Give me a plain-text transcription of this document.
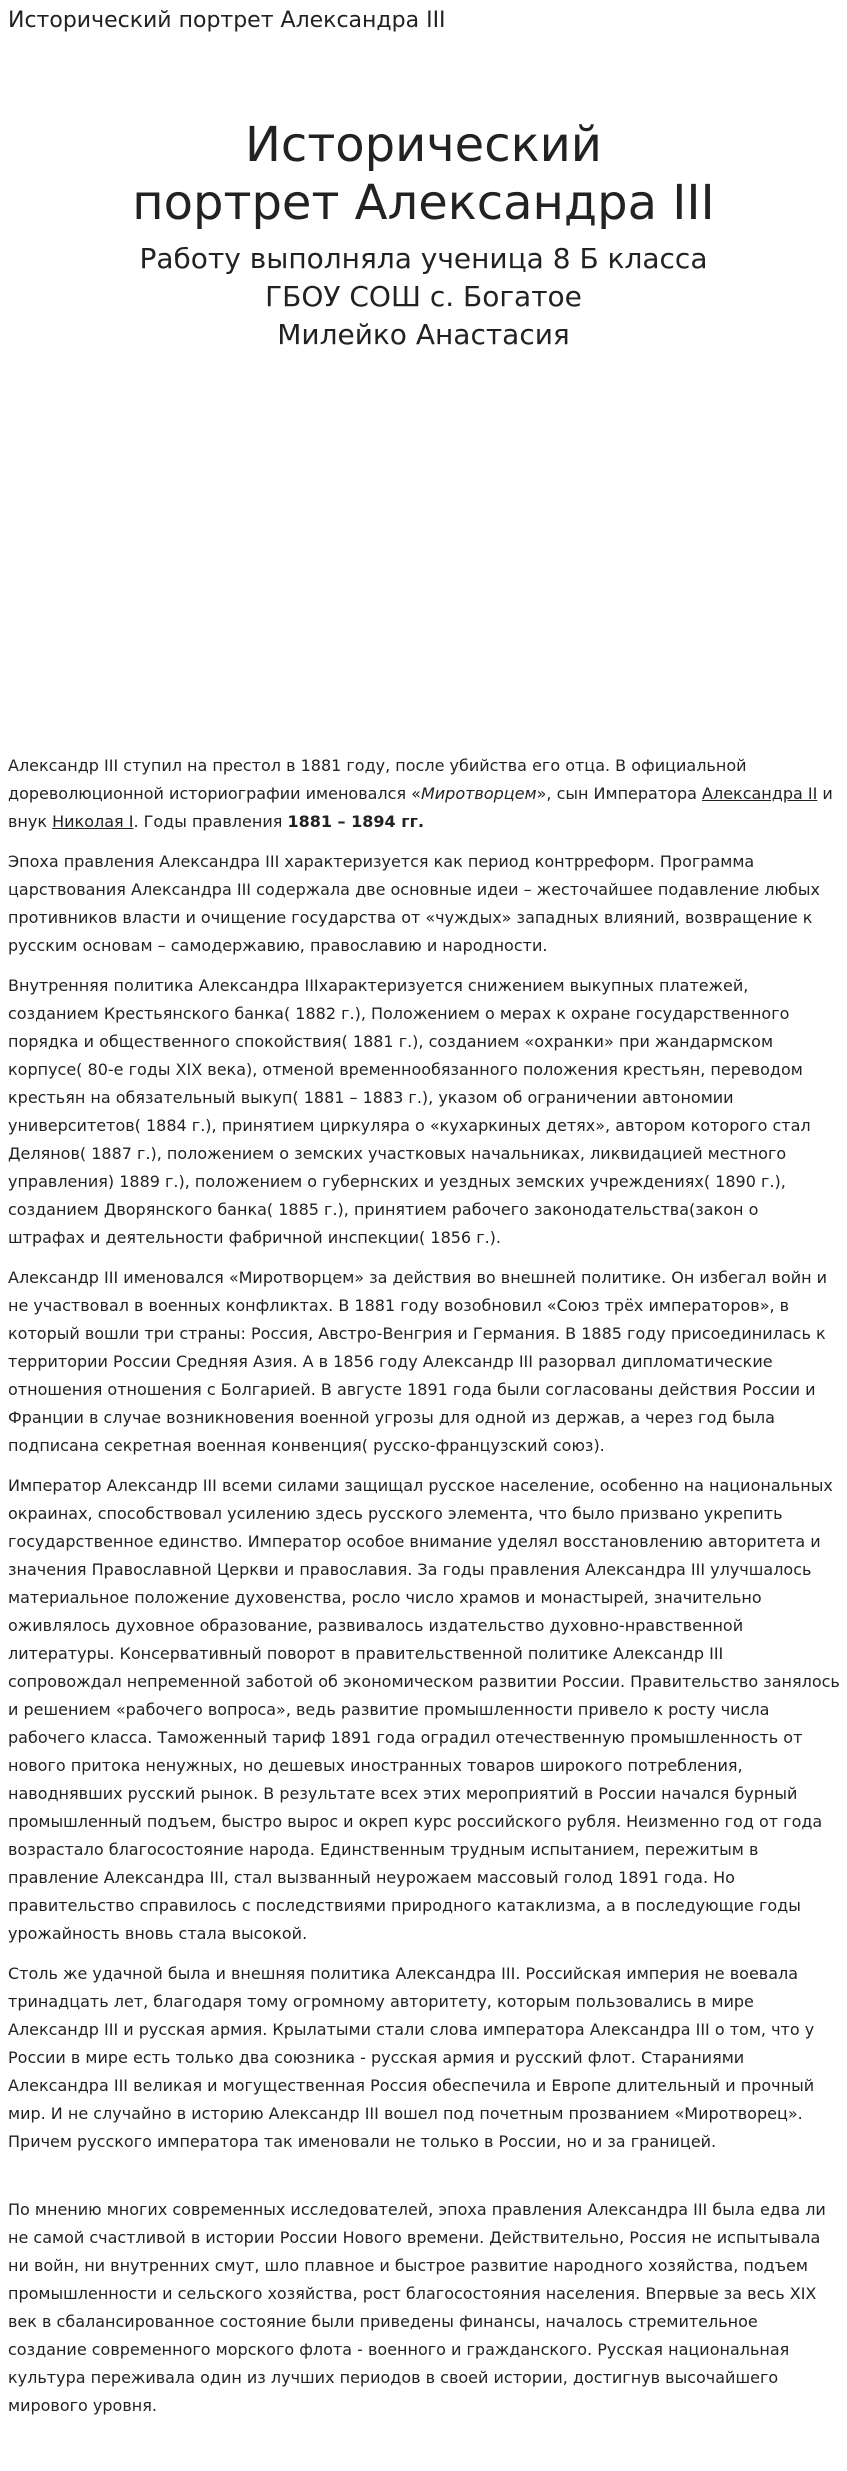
Исторический портрет Александра III
Исторический
портрет Александра III
Работу выполняла ученица 8 Б класса
ГБОУ СОШ с. Богатое
Милейко Анастасия

Александр III ступил на престол в 1881 году, после убийства его отца. В официальной дореволюционной историографии именовался «Миротворцем», сын Императора Александра II и внук Николая I. Годы правления 1881 – 1894 гг.

Эпоха правления Александра III характеризуется как период контрреформ. Программа царствования Александра III содержала две основные идеи – жесточайшее подавление любых противников власти и очищение государства от «чуждых» западных влияний, возвращение к русским основам – самодержавию, православию и народности.

Внутренняя политика Александра IIIхарактеризуется снижением выкупных платежей, созданием Крестьянского банка( 1882 г.), Положением о мерах к охране государственного порядка и общественного спокойствия( 1881 г.), созданием «охранки» при жандармском корпусе( 80-е годы XIX века), отменой временнообязанного положения крестьян, переводом крестьян на обязательный выкуп( 1881 – 1883 г.), указом об ограничении автономии университетов( 1884 г.), принятием циркуляра о «кухаркиных детях», автором которого стал Делянов( 1887 г.), положением о земских участковых начальниках, ликвидацией местного управления) 1889 г.), положением о губернских и уездных земских учреждениях( 1890 г.), созданием Дворянского банка( 1885 г.), принятием рабочего законодательства(закон о штрафах и деятельности фабричной инспекции( 1856 г.).

Александр III именовался «Миротворцем» за действия во внешней политике. Он избегал войн и не участвовал в военных конфликтах. В 1881 году возобновил «Союз трёх императоров», в который вошли три страны: Россия, Австро-Венгрия и Германия. В 1885 году присоединилась к территории России Средняя Азия. А в 1856 году Александр III разорвал дипломатические отношения отношения с Болгарией. В августе 1891 года были согласованы действия России и Франции в случае возникновения военной угрозы для одной из держав, а через год была подписана секретная военная конвенция( русско-французский союз).

Император Александр III всеми силами защищал русское население, особенно на национальных окраинах, способствовал усилению здесь русского элемента, что было призвано укрепить государственное единство. Император особое внимание уделял восстановлению авторитета и значения Православной Церкви и православия. За годы правления Александра III улучшалось материальное положение духовенства, росло число храмов и монастырей, значительно оживлялось духовное образование, развивалось издательство духовно-нравственной литературы. Консервативный поворот в правительственной политике Александр III сопровождал непременной заботой об экономическом развитии России. Правительство занялось и решением «рабочего вопроса», ведь развитие промышленности привело к росту числа рабочего класса. Таможенный тариф 1891 года оградил отечественную промышленность от нового притока ненужных, но дешевых иностранных товаров широкого потребления, наводнявших русский рынок. В результате всех этих мероприятий в России начался бурный промышленный подъем, быстро вырос и окреп курс российского рубля. Неизменно год от года возрастало благосостояние народа. Единственным трудным испытанием, пережитым в правление Александра III, стал вызванный неурожаем массовый голод 1891 года. Но правительство справилось с последствиями природного катаклизма, а в последующие годы урожайность вновь стала высокой.

Столь же удачной была и внешняя политика Александра III. Российская империя не воевала тринадцать лет, благодаря тому огромному авторитету, которым пользовались в мире Александр III и русская армия. Крылатыми стали слова императора Александра III о том, что у России в мире есть только два союзника - русская армия и русский флот. Стараниями Александра III великая и могущественная Россия обеспечила и Европе длительный и прочный мир. И не случайно в историю Александр III вошел под почетным прозванием «Миротворец». Причем русского императора так именовали не только в России, но и за границей.

По мнению многих современных исследователей, эпоха правления Александра III была едва ли не самой счастливой в истории России Нового времени. Действительно, Россия не испытывала ни войн, ни внутренних смут, шло плавное и быстрое развитие народного хозяйства, подъем промышленности и сельского хозяйства, рост благосостояния населения. Впервые за весь XIX век в сбалансированное состояние были приведены финансы, началось стремительное создание современного морского флота - военного и гражданского. Русская национальная культура переживала один из лучших периодов в своей истории, достигнув высочайшего мирового уровня.
